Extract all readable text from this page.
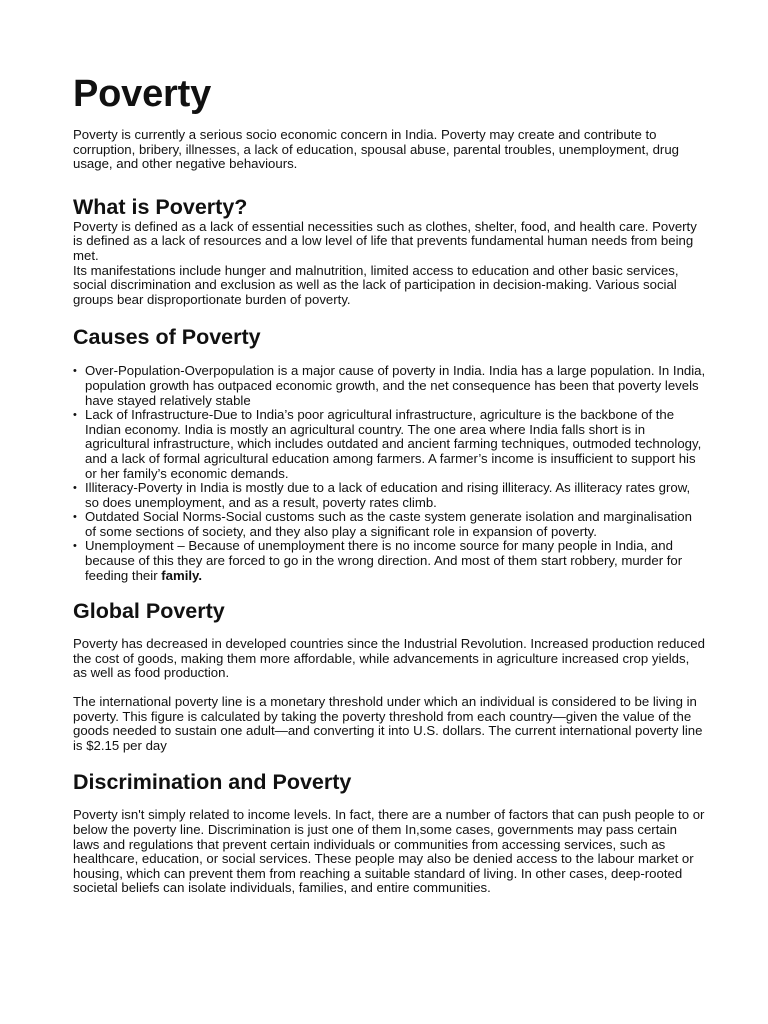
Poverty

Poverty is currently a serious socio economic concern in India. Poverty may create and contribute to corruption, bribery, illnesses, a lack of education, spousal abuse, parental troubles, unemployment, drug usage, and other negative behaviours.

What is Poverty?

Poverty is defined as a lack of essential necessities such as clothes, shelter, food, and health care. Poverty is defined as a lack of resources and a low level of life that prevents fundamental human needs from being met.

Its manifestations include hunger and malnutrition, limited access to education and other basic services, social discrimination and exclusion as well as the lack of participation in decision-making. Various social groups bear disproportionate burden of poverty.

Causes of Poverty
• Over-Population-Overpopulation is a major cause of poverty in India. India has a large population. In India, population growth has outpaced economic growth, and the net consequence has been that poverty levels have stayed relatively stable
• Lack of Infrastructure-Due to India’s poor agricultural infrastructure, agriculture is the backbone of the Indian economy. India is mostly an agricultural country. The one area where India falls short is in agricultural infrastructure, which includes outdated and ancient farming techniques, outmoded technology, and a lack of formal agricultural education among farmers. A farmer’s income is insufficient to support his or her family’s economic demands.
• Illiteracy-Poverty in India is mostly due to a lack of education and rising illiteracy. As illiteracy rates grow, so does unemployment, and as a result, poverty rates climb.
• Outdated Social Norms-Social customs such as the caste system generate isolation and marginalisation of some sections of society, and they also play a significant role in expansion of poverty.
• Unemployment – Because of unemployment there is no income source for many people in India, and because of this they are forced to go in the wrong direction. And most of them start robbery, murder for feeding their family.
Global Poverty

Poverty has decreased in developed countries since the Industrial Revolution. Increased production reduced the cost of goods, making them more affordable, while advancements in agriculture increased crop yields,

as well as food production.

The international poverty line is a monetary threshold under which an individual is considered to be living in poverty. This figure is calculated by taking the poverty threshold from each country—given the value of the goods needed to sustain one adult—and converting it into U.S. dollars. The current international poverty line is $2.15 per day

Discrimination and Poverty

Poverty isn't simply related to income levels. In fact, there are a number of factors that can push people to or below the poverty line. Discrimination is just one of them In,some cases, governments may pass certain laws and regulations that prevent certain individuals or communities from accessing services, such as healthcare, education, or social services. These people may also be denied access to the labour market or housing, which can prevent them from reaching a suitable standard of living. In other cases, deep-rooted societal beliefs can isolate individuals, families, and entire communities.
